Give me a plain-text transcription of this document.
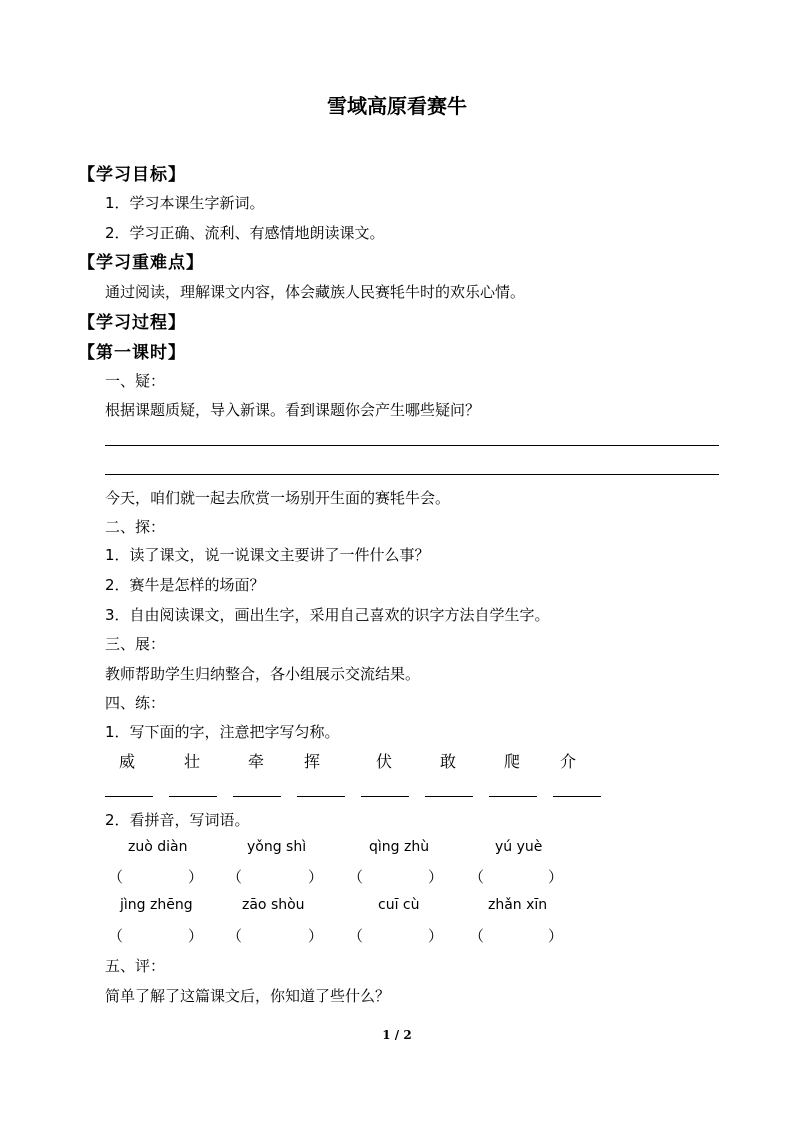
雪域高原看赛牛
【学习目标】
1．学习本课生字新词。
2．学习正确、流利、有感情地朗读课文。
【学习重难点】
通过阅读，理解课文内容，体会藏族人民赛牦牛时的欢乐心情。
【学习过程】
【第一课时】
一、疑：
根据课题质疑，导入新课。看到课题你会产生哪些疑问？
今天，咱们就一起去欣赏一场别开生面的赛牦牛会。
二、探：
1．读了课文，说一说课文主要讲了一件什么事？
2．赛牛是怎样的场面？
3．自由阅读课文，画出生字，采用自己喜欢的识字方法自学生字。
三、展：
教师帮助学生归纳整合，各小组展示交流结果。
四、练：
1．写下面的字，注意把字写匀称。
威	壮	牵 挥	伏	敢	爬 介
2．看拼音，写词语。
zuò diàn	yǒng shì	qìng zhù	yú yuè
（	） （	） （	） （	）
jìng zhēng	zāo shòu	cuī cù	zhǎn xīn
（	） （	） （	） （	）
五、评：
简单了解了这篇课文后，你知道了些什么？
1 / 2
